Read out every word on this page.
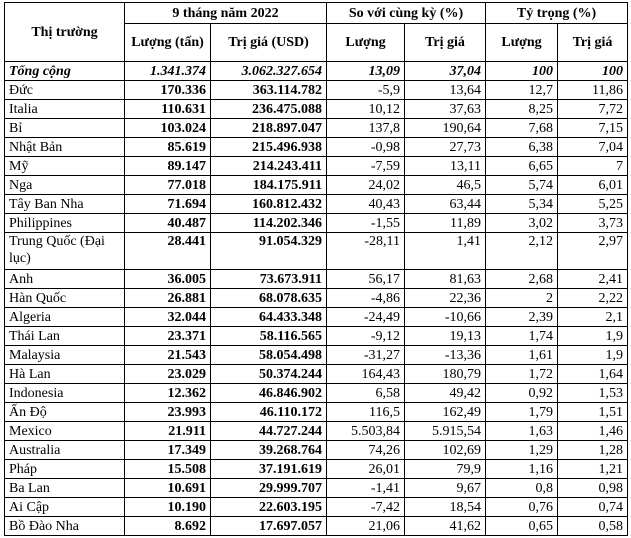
Thị trường	9 tháng năm 2022		So với cùng kỳ (%)		Tỷ trọng (%)	
	Lượng (tấn)	Trị giá (USD)	Lượng	Trị giá	Lượng	Trị giá
Tổng cộng	1.341.374	3.062.327.654	13,09	37,04	100	100
Đức	170.336	363.114.782	-5,9	13,64	12,7	11,86
Italia	110.631	236.475.088	10,12	37,63	8,25	7,72
Bỉ	103.024	218.897.047	137,8	190,64	7,68	7,15
Nhật Bản	85.619	215.496.938	-0,98	27,73	6,38	7,04
Mỹ	89.147	214.243.411	-7,59	13,11	6,65	7
Nga	77.018	184.175.911	24,02	46,5	5,74	6,01
Tây Ban Nha	71.694	160.812.432	40,43	63,44	5,34	5,25
Philippines	40.487	114.202.346	-1,55	11,89	3,02	3,73
Trung Quốc (Đại lục)	28.441	91.054.329	-28,11	1,41	2,12	2,97
Anh	36.005	73.673.911	56,17	81,63	2,68	2,41
Hàn Quốc	26.881	68.078.635	-4,86	22,36	2	2,22
Algeria	32.044	64.433.348	-24,49	-10,66	2,39	2,1
Thái Lan	23.371	58.116.565	-9,12	19,13	1,74	1,9
Malaysia	21.543	58.054.498	-31,27	-13,36	1,61	1,9
Hà Lan	23.029	50.374.244	164,43	180,79	1,72	1,64
Indonesia	12.362	46.846.902	6,58	49,42	0,92	1,53
Ấn Độ	23.993	46.110.172	116,5	162,49	1,79	1,51
Mexico	21.911	44.727.244	5.503,84	5.915,54	1,63	1,46
Australia	17.349	39.268.764	74,26	102,69	1,29	1,28
Pháp	15.508	37.191.619	26,01	79,9	1,16	1,21
Ba Lan	10.691	29.999.707	-1,41	9,67	0,8	0,98
Ai Cập	10.190	22.603.195	-7,42	18,54	0,76	0,74
Bồ Đào Nha	8.692	17.697.057	21,06	41,62	0,65	0,58
